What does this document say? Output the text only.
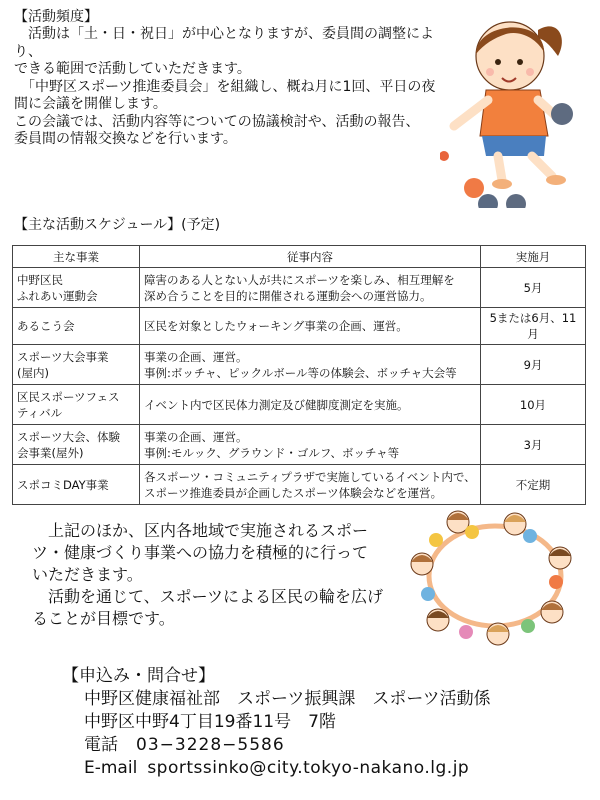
【活動頻度】

　活動は「土・日・祝日」が中心となりますが、委員間の調整により、

できる範囲で活動していただきます。

　「中野区スポーツ推進委員会」を組織し、概ね月に1回、平日の夜

間に会議を開催します。

この会議では、活動内容等についての協議検討や、活動の報告、

委員間の情報交換などを行います。

【主な活動スケジュール】(予定)
主な事業	従事内容	実施月

中野区民
ふれあい運動会	障害のある人とない人が共にスポーツを楽しみ、相互理解を
深め合うことを目的に開催される運動会への運営協力。	5月

あるこう会	区民を対象としたウォーキング事業の企画、運営。	5または6月、11月

スポーツ大会事業
(屋内)	事業の企画、運営。
事例:ボッチャ、ピックルボール等の体験会、ボッチャ大会等	9月

区民スポーツフェス
ティバル	イベント内で区民体力測定及び健脚度測定を実施。	10月

スポーツ大会、体験
会事業(屋外)	事業の企画、運営。
事例:モルック、グラウンド・ゴルフ、ボッチャ等	3月

スポコミDAY事業	各スポーツ・コミュニティプラザで実施しているイベント内で、
スポーツ推進委員が企画したスポーツ体験会などを運営。	不定期

　上記のほか、区内各地域で実施されるスポー

ツ・健康づくり事業への協力を積極的に行って

いただきます。

　活動を通じて、スポーツによる区民の輪を広げ

ることが目標です。

【申込み・問合せ】
中野区健康福祉部　スポーツ振興課　スポーツ活動係
中野区中野4丁目19番11号　7階
電話 03−3228−5586
E-mail sportssinko@city.tokyo-nakano.lg.jp
